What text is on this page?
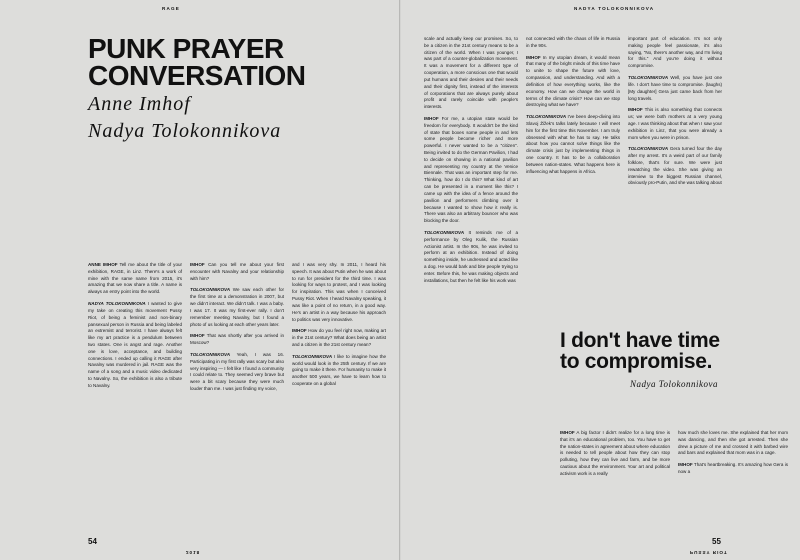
RAGE	NADYA TOLOKONNIKOVA
PUNK PRAYER
CONVERSATION
Anne Imhof
Nadya Tolokonnikova

ANNE IMHOF Tell me about the title of your exhibition, RAGE, in Linz. There's a work of mine with the same name from 2015, it's amazing that we now share a title. A name is always an entry point into the world.

NADYA TOLOKONNIKOVA I wanted to give my take on creating this movement Pussy Riot, of being a feminist and non-binary pansexual person in Russia and being labeled an extremist and terrorist. I have always felt like my art practice is a pendulum between two states. One is angst and rage. Another one is love, acceptance, and building connections. I ended up calling it RAGE after Navalny was murdered in jail. RAGE was the name of a song and a music video dedicated to Navalny. So, the exhibition is also a tribute to Navalny.

IMHOF Can you tell me about your first encounter with Navalny and your relationship with him?

TOLOKONNIKOVA We saw each other for the first time at a demonstration in 2007, but we didn't interact. We didn't talk. I was a baby. I was 17. It was my first-ever rally. I don't remember meeting Navalny, but I found a photo of us looking at each other years later.

IMHOF That was shortly after you arrived in Moscow?

TOLOKONNIKOVA Yeah, I was 16. Participating in my first rally was scary but also very inspiring — I felt like I found a community I could relate to. They seemed very brave but were a bit scary because they were much louder than me. I was just finding my voice,

and I was very shy. In 2011, I heard his speech. It was about Putin when he was about to run for president for the third time. I was looking for ways to protest, and I was looking for inspiration. This was when I conceived Pussy Riot. When I heard Navalny speaking, it was like a point of no return, in a good way. He's an artist in a way because his approach to politics was very innovative.

IMHOF How do you feel right now, making art in the 21st century? What does being an artist and a citizen in the 21st century mean?

TOLOKONNIKOVA I like to imagine how the world would look in the 25th century. If we are going to make it there. For humanity to make it another 500 years, we have to learn how to cooperate on a global

scale and actually keep our promises. So, to be a citizen in the 21st century means to be a citizen of the world. When I was younger, I was part of a counter-globalization movement. It was a movement for a different type of cooperation, a more conscious one that would put humans and their desires and their needs and their dignity first, instead of the interests of corporations that are always purely about profit and rarely coincide with people's interests.

IMHOF For me, a utopian state would be freedom for everybody. It wouldn't be the kind of state that boxes some people in and lets some people become richer and more powerful. I never wanted to be a "citizen". Being invited to do the German Pavilion, I had to decide on showing in a national pavilion and representing my country at the Venice Biennale. That was an important step for me. Thinking, how do I do this? What kind of art can be presented in a moment like this? I came up with the idea of a fence around the pavilion and performers climbing over it because I wanted to show how it really is. There was also an arbitrary bouncer who was blocking the door.

TOLOKONNIKOVA It reminds me of a performance by Oleg Kulik, the Russian Actionist artist. In the 90s, he was invited to perform at an exhibition. Instead of doing something inside, he undressed and acted like a dog. He would bark and bite people trying to enter. Before this, he was making objects and installations, but then he felt like his work was

not connected with the chaos of life in Russia in the 90s.

IMHOF In my utopian dream, it would mean that many of the bright minds of this time have to unite to shape the future with love, compassion, and understanding. And with a definition of how everything works, like the economy. How can we change the world in terms of the climate crisis? How can we stop destroying what we have?

TOLOKONNIKOVA I've been deep-diving into Slavoj Žižek's talks lately because I will meet him for the first time this November. I am truly obsessed with what he has to say. He talks about how you cannot solve things like the climate crisis just by implementing things in one country. It has to be a collaboration between nation-states. What happens here is influencing what happens in Africa.

important part of education. It's not only making people feel passionate, it's also saying, "No, there's another way, and I'm living for this." And you're doing it without compromise.

TOLOKONNIKOVA Well, you have just one life. I don't have time to compromise. (laughs) [My daughter] Gera just came back from her long travels.

IMHOF This is also something that connects us; we were both mothers at a very young age. I was thinking about that when I saw your exhibition in Linz, that you were already a mom when you were in prison.

TOLOKONNIKOVA Gera turned four the day after my arrest. It's a weird part of our family folklore, that's for sure. We were just rewatching the video. She was giving an interview to the biggest Russian channel, obviously pro-Putin, and she was talking about

I don't have time
to compromise.
Nadya Tolokonnikova

IMHOF A big factor I didn't realize for a long time is that it's an educational problem, too. You have to get the nation-states in agreement about where education is needed to tell people about how they can stop polluting, how they can live and farm, and be more cautious about the environment. Your art and political activism work is a really

how much she loves me. She explained that her mom was dancing, and then she got arrested. Then she drew a picture of me and crossed it with barbed wire and bars and explained that mom was in a cage.

IMHOF That's heartbreaking. It's amazing how Gera is now a

54	55
2018	PUSSY RIOT
